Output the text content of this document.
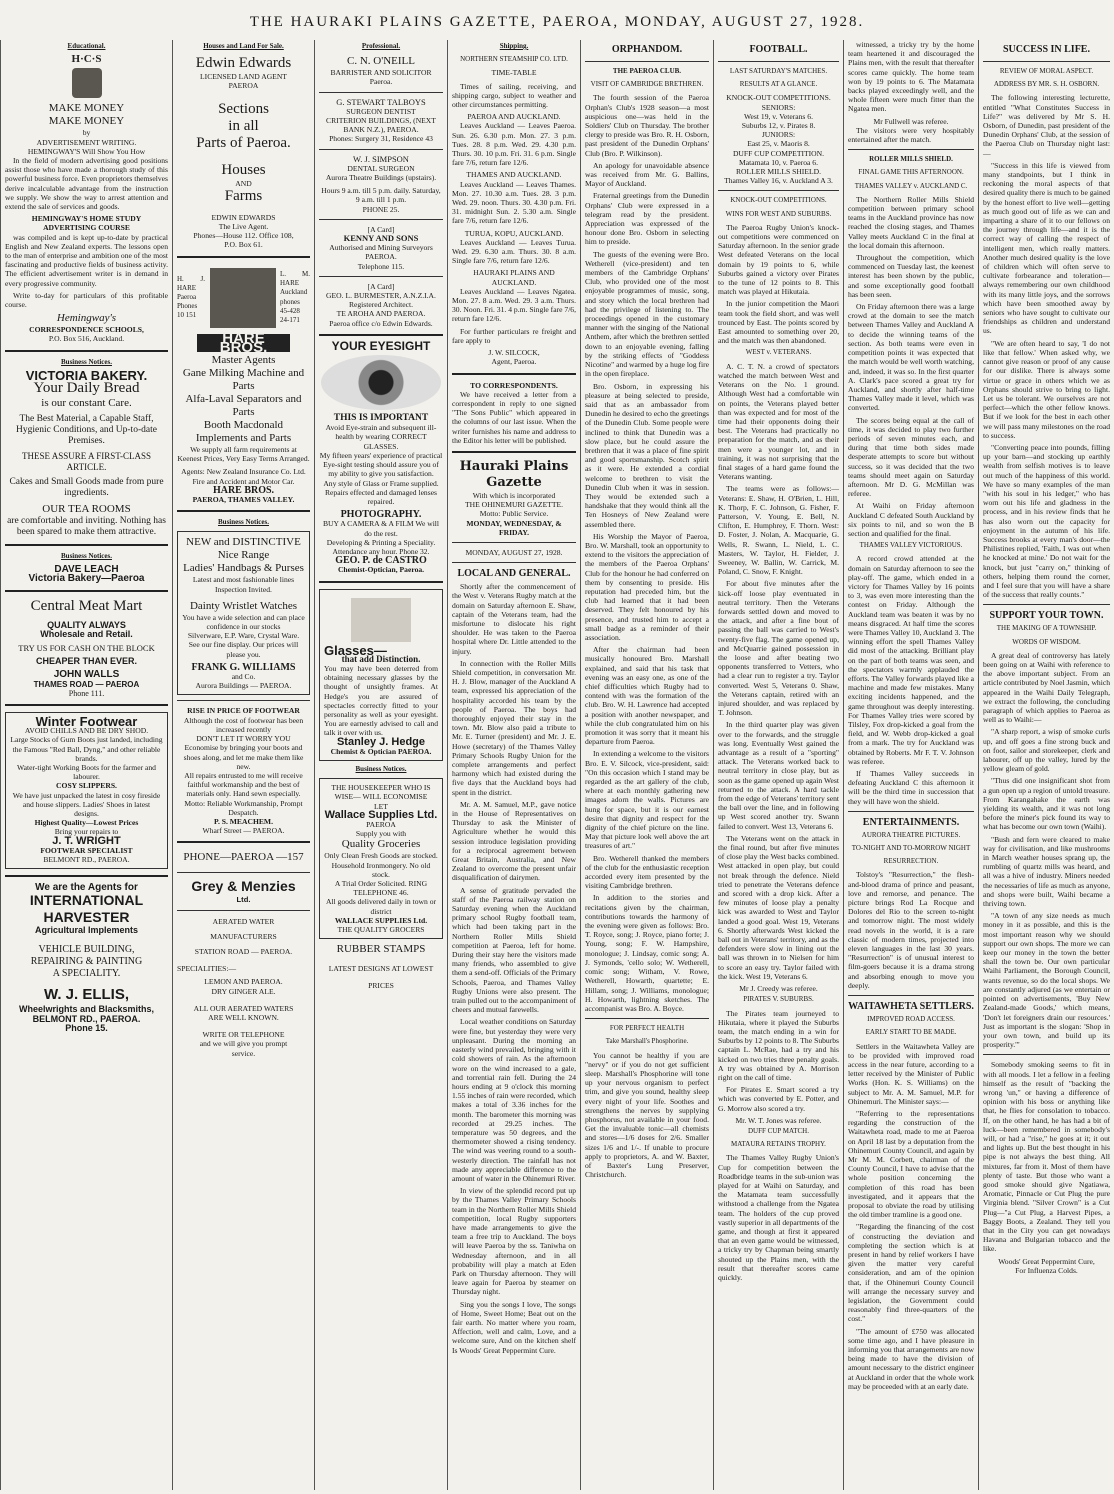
THE HAURAKI PLAINS GAZETTE, PAEROA, MONDAY, AUGUST 27, 1928.
Educational.
H·C·S
MAKE MONEY
MAKE MONEY
by
ADVERTISEMENT WRITING.
HEMINGWAY'S Will Show You How

In the field of modern advertising good positions assist those who have made a thorough study of this powerful business force. Even proprietors themselves derive incalculable advantage from the instruction we supply. We show the way to arrest attention and extend the sale of services and goods.

HEMINGWAY'S HOME STUDY ADVERTISING COURSE

was compiled and is kept up-to-date by practical English and New Zealand experts. The lessons open to the man of enterprise and ambition one of the most fascinating and productive fields of business activity. The efficient advertisement writer is in demand in every progressive community.

Write to-day for particulars of this profitable course.

Hemingway's
CORRESPONDENCE SCHOOLS,
P.O. Box 516, Auckland.
Business Notices.
VICTORIA BAKERY.
Your Daily Bread
is our constant Care.
The Best Material, a Capable Staff, Hygienic Conditions, and Up-to-date Premises.
THESE ASSURE A FIRST-CLASS ARTICLE.
Cakes and Small Goods made from pure ingredients.
OUR TEA ROOMS
are comfortable and inviting. Nothing has been spared to make them attractive.
Business Notices.
DAVE LEACH
Victoria Bakery—Paeroa
Central Meat Mart
QUALITY ALWAYS
Wholesale and Retail.
TRY US FOR CASH ON THE BLOCK
CHEAPER THAN EVER.
JOHN WALLS
THAMES ROAD — PAEROA
Phone 111.
Winter Footwear
AVOID CHILLS AND BE DRY SHOD.
Large Stocks of Gum Boots just landed, including the Famous "Red Ball, Dyng," and other reliable brands.
Water-tight Working Boots for the farmer and labourer.
COSY SLIPPERS.
We have just unpacked the latest in cosy fireside and house slippers. Ladies' Shoes in latest designs.
Highest Quality—Lowest Prices
Bring your repairs to
J. T. WRIGHT
FOOTWEAR SPECIALIST
BELMONT RD., PAEROA.
We are the Agents for
INTERNATIONAL
HARVESTER
Agricultural Implements
VEHICLE BUILDING,
REPAIRING & PAINTING
A SPECIALITY.
W. J. ELLIS,
Wheelwrights and Blacksmiths,
BELMONT RD., PAEROA.
Phone 15.
Houses and Land For Sale.
Edwin Edwards
LICENSED LAND AGENT
PAEROA
Sections
in all
Parts of Paeroa.
Houses
AND
Farms
EDWIN EDWARDS
The Live Agent.
Phones—House 112. Office 108,
P.O. Box 61.
H. J. HARE Paeroa Phones 10 151
L. M. HARE Auckland phones 45-428 24-171
HARE BROS.
Master Agents
Gane Milking Machine and Parts
Alfa-Laval Separators and Parts
Booth Macdonald Implements and Parts
We supply all farm requirements at Keenest Prices, Very Easy Terms Arranged.
Agents: New Zealand Insurance Co. Ltd. Fire and Accident and Motor Car.
HARE BROS.
PAEROA, THAMES VALLEY.
Business Notices.
NEW and DISTINCTIVE
Nice Range
Ladies' Handbags & Purses
Latest and most fashionable lines Inspection Invited.
Dainty Wristlet Watches
You have a wide selection and can place confidence in our stocks
Silverware, E.P. Ware, Crystal Ware.
See our fine display. Our prices will please you.
FRANK G. WILLIAMS
and Co.
Aurora Buildings — PAEROA.
RISE IN PRICE OF FOOTWEAR
Although the cost of footwear has been increased recently
DON'T LET IT WORRY YOU
Economise by bringing your boots and shoes along, and let me make them like new.
All repairs entrusted to me will receive faithful workmanship and the best of materials only. Hand sewn especially.
Motto: Reliable Workmanship, Prompt Despatch.
P. S. MEACHEM.
Wharf Street — PAEROA.
PHONE—PAEROA —157
Grey & Menzies
Ltd.
AERATED WATER
MANUFACTURERS
STATION ROAD — PAEROA.
SPECIALITIES:—
LEMON AND PAEROA.
DRY GINGER ALE.
ALL OUR AERATED WATERS
ARE WELL KNOWN.
WRITE OR TELEPHONE
and we will give you prompt
service.
Professional.
C. N. O'NEILL
BARRISTER AND SOLICITOR
Paeroa.
G. STEWART TALBOYS
SURGEON DENTIST
CRITERION BUILDINGS, (NEXT BANK N.Z.), PAEROA.
Phones: Surgery 31, Residence 43
W. J. SIMPSON
DENTAL SURGEON
Aurora Theatre Buildings (upstairs).
Hours 9 a.m. till 5 p.m. daily. Saturday, 9 a.m. till 1 p.m.
PHONE 25.
[A Card]
KENNY AND SONS
Authorised and Mining Surveyors PAEROA.
Telephone 115.
[A Card]
GEO. L. BURMESTER, A.N.Z.I.A.
Registered Architect.
TE AROHA AND PAEROA.
Paeroa office c/o Edwin Edwards.
YOUR EYESIGHT
THIS IS IMPORTANT
Avoid Eye-strain and subsequent ill-health by wearing CORRECT GLASSES.
My fifteen years' experience of practical Eye-sight testing should assure you of my ability to give you satisfaction.
Any style of Glass or Frame supplied.
Repairs effected and damaged lenses repaired.
PHOTOGRAPHY.
BUY A CAMERA & A FILM We will do the rest.
Developing & Printing a Speciality. Attendance any hour. Phone 32.
GEO. P. de CASTRO
Chemist-Optician, Paeroa.
Glasses—
that add Distinction.
You may have been deterred from obtaining necessary glasses by the thought of unsightly frames. At Hedge's you are assured of spectacles correctly fitted to your personality as well as your eyesight. You are earnestly advised to call and talk it over with us.
Stanley J. Hedge
Chemist & Optician PAEROA.
Business Notices.
THE HOUSEKEEPER WHO IS WISE— WILL ECONOMISE
LET
Wallace Supplies Ltd.
PAEROA
Supply you with
Quality Groceries
Only Clean Fresh Goods are stocked.
Household Ironmongery. No old stock.
A Trial Order Solicited. RING TELEPHONE 46.
All goods delivered daily in town or district
WALLACE SUPPLIES Ltd.
THE QUALITY GROCERS
RUBBER STAMPS
LATEST DESIGNS AT LOWEST
PRICES
Shipping.
NORTHERN STEAMSHIP CO. LTD.
TIME-TABLE

Times of sailing, receiving, and shipping cargo, subject to weather and other circumstances permitting.

PAEROA AND AUCKLAND.

Leaves Auckland — Leaves Paeroa. Sun. 26. 6.30 p.m. Mon. 27. 3 p.m. Tues. 28. 8 p.m. Wed. 29. 4.30 p.m. Thurs. 30. 10 p.m. Fri. 31. 6 p.m. Single fare 7/6, return fare 12/6.

THAMES AND AUCKLAND.

Leaves Auckland — Leaves Thames. Mon. 27. 10.30 a.m. Tues. 28. 3 p.m. Wed. 29. noon. Thurs. 30. 4.30 p.m. Fri. 31. midnight Sun. 2. 5.30 a.m. Single fare 7/6, return fare 12/6.

TURUA, KOPU, AUCKLAND.

Leaves Auckland — Leaves Turua. Wed. 29. 6.30 a.m. Thurs. 30. 8 a.m. Single fare 7/6, return fare 12/6.

HAURAKI PLAINS AND AUCKLAND.

Leaves Auckland — Leaves Ngatea. Mon. 27. 8 a.m. Wed. 29. 3 a.m. Thurs. 30. Noon. Fri. 31. 4 p.m. Single fare 7/6, return fare 12/6.

For further particulars re freight and fare apply to

J. W. SILCOCK,
Agent, Paeroa.
TO CORRESPONDENTS.

We have received a letter from a correspondent in reply to one signed "The Sons Public" which appeared in the columns of our last issue. When the writer furnishes his name and address to the Editor his letter will be published.

Hauraki Plains Gazette
With which is incorporated
THE OHINEMURI GAZETTE.
Motto: Public Service.
MONDAY, WEDNESDAY, & FRIDAY.
MONDAY, AUGUST 27, 1928.
LOCAL AND GENERAL.

Shortly after the commencement of the West v. Veterans Rugby match at the domain on Saturday afternoon E. Shaw, captain of the Veterans team, had the misfortune to dislocate his right shoulder. He was taken to the Paeroa hospital where Dr. Little attended to the injury.

In connection with the Roller Mills Shield competition, in conversation Mr. H. J. Blow, manager of the Auckland A team, expressed his appreciation of the hospitality accorded his team by the people of Paeroa. The boys had thoroughly enjoyed their stay in the town. Mr. Blow also paid a tribute to Mr. E. Turner (president) and Mr. J. E. Howe (secretary) of the Thames Valley Primary Schools Rugby Union for the complete arrangements and perfect harmony which had existed during the five days that the Auckland boys had spent in the district.

Mr. A. M. Samuel, M.P., gave notice in the House of Representatives on Thursday to ask the Minister of Agriculture whether he would this session introduce legislation providing for a reciprocal agreement between Great Britain, Australia, and New Zealand to overcome the present unfair disqualification of dairymen.

A sense of gratitude pervaded the staff of the Paeroa railway station on Saturday evening when the Auckland primary school Rugby football team, which had been taking part in the Northern Roller Mills Shield competition at Paeroa, left for home. During their stay here the visitors made many friends, who assembled to give them a send-off. Officials of the Primary Schools, Paeroa, and Thames Valley Rugby Unions were also present. The train pulled out to the accompaniment of cheers and mutual farewells.

Local weather conditions on Saturday were fine, but yesterday they were very unpleasant. During the morning an easterly wind prevailed, bringing with it cold showers of rain. As the afternoon wore on the wind increased to a gale, and torrential rain fell. During the 24 hours ending at 9 o'clock this morning 1.55 inches of rain were recorded, which makes a total of 3.36 inches for the month. The barometer this morning was recorded at 29.25 inches. The temperature was 50 degrees, and the thermometer showed a rising tendency. The wind was veering round to a south-westerly direction. The rainfall has not made any appreciable difference to the amount of water in the Ohinemuri River.

In view of the splendid record put up by the Thames Valley Primary Schools team in the Northern Roller Mills Shield competition, local Rugby supporters have made arrangements to give the team a free trip to Auckland. The boys will leave Paeroa by the ss. Taniwha on Wednesday afternoon, and in all probability will play a match at Eden Park on Thursday afternoon. They will leave again for Paeroa by steamer on Thursday night.

Sing you the songs I love, The songs of Home, Sweet Home; Beat out on the fair earth. No matter where you roam, Affection, well and calm, Love, and a welcome sure, And on the kitchen shelf Is Woods' Great Peppermint Cure.

ORPHANDOM.
THE PAEROA CLUB.
VISIT OF CAMBRIDGE BRETHREN.

The fourth session of the Paeroa Orphan's Club's 1928 season—a most auspicious one—was held in the Soldiers' Club on Thursday. The brother clergy to preside was Bro. R. H. Osborn, past president of the Dunedin Orphans' Club (Bro. P. Wilkinson).

An apology for unavoidable absence was received from Mr. G. Ballins, Mayor of Auckland.

Fraternal greetings from the Dunedin Orphans' Club were expressed in a telegram read by the president. Appreciation was expressed of the honour done Bro. Osborn in selecting him to preside.

The guests of the evening were Bro. Wetherell (vice-president) and ten members of the Cambridge Orphans' Club, who provided one of the most enjoyable programmes of music, song, and story which the local brethren had had the privilege of listening to. The proceedings opened in the customary manner with the singing of the National Anthem, after which the brethren settled down to an enjoyable evening, falling by the striking effects of "Goddess Nicotine" and warmed by a huge log fire in the open fireplace.

Bro. Osborn, in expressing his pleasure at being selected to preside, said that as an ambassador from Dunedin he desired to echo the greetings of the Dunedin Club. Some people were inclined to think that Dunedin was a slow place, but he could assure the brethren that it was a place of fine spirit and good sportsmanship. Scotch spirit as it were. He extended a cordial welcome to brethren to visit the Dunedin Club when it was in session. They would be extended such a handshake that they would think all the Ten Hosneys of New Zealand were assembled there.

His Worship the Mayor of Paeroa, Bro. W. Marshall, took an opportunity to extend to the visitors the appreciation of the members of the Paeroa Orphans' Club for the honour he had conferred on them by consenting to preside. His reputation had preceded him, but the club had learned that it had been deserved. They felt honoured by his presence, and trusted him to accept a small badge as a reminder of their association.

After the chairman had been musically honoured Bro. Marshall explained, and said that his task that evening was an easy one, as one of the chief difficulties which Rugby had to contend with was the formation of the club. Bro. W. H. Lawrence had accepted a position with another newspaper, and while the club congratulated him on his promotion it was sorry that it meant his departure from Paeroa.

In extending a welcome to the visitors Bro. E. V. Silcock, vice-president, said: "On this occasion which I stand may be regarded as the art gallery of the club, where at each monthly gathering new images adorn the walls. Pictures are hung for space, but it is our earnest desire that dignity and respect for the dignity of the chief picture on the line. May that picture look well above the art treasures of art."

Bro. Wetherell thanked the members of the club for the enthusiastic reception accorded every item presented by the visiting Cambridge brethren.

In addition to the stories and recitations given by the chairman, contributions towards the harmony of the evening were given as follows: Bro. T. Royce, song; J. Royce, piano forte; J. Young, song; F. W. Hampshire, monologue; J. Lindsay, comic song; A. J. Symonds, 'cello solo; W. Wetherell, comic song; Witham, V. Rowe, Wetherell, Howarth, quartette; E. Hillam, song; J. Williams, monologue; H. Howarth, lightning sketches. The accompanist was Bro. A. Boyce.

FOR PERFECT HEALTH
Take Marshall's Phosphorine.

You cannot be healthy if you are "nervy" or if you do not get sufficient sleep. Marshall's Phosphorine will tone up your nervous organism to perfect trim, and give you sound, healthy sleep every night of your life. Soothes and strengthens the nerves by supplying phosphorus, not available in your food. Get the invaluable tonic—all chemists and stores—1/6 doses for 2/6. Smaller sizes 1/6 and 1/-. If unable to procure apply to proprietors, A. and W. Baxter, of Baxter's Lung Preserver, Christchurch.

FOOTBALL.
LAST SATURDAY'S MATCHES.
RESULTS AT A GLANCE.
KNOCK-OUT COMPETITIONS.
SENIORS:
West 19, v. Veterans 6.
Suburbs 12, v. Pirates 8.
JUNIORS:
East 25, v. Maoris 8.
DUFF CUP COMPETITION.
Matamata 10, v. Paeroa 6.
ROLLER MILLS SHIELD.
Thames Valley 16, v. Auckland A 3.
KNOCK-OUT COMPETITIONS.
WINS FOR WEST AND SUBURBS.

The Paeroa Rugby Union's knock-out competitions were commenced on Saturday afternoon. In the senior grade West defeated Veterans on the local domain by 19 points to 6, while Suburbs gained a victory over Pirates to the tune of 12 points to 8. This match was played at Hikutaia.

In the junior competition the Maori team took the field short, and was well trounced by East. The points scored by East amounted to something over 20, and the match was then abandoned.

WEST v. VETERANS.

A. C. T. N. a crowd of spectators watched the match between West and Veterans on the No. 1 ground. Although West had a comfortable win on points, the Veterans played better than was expected and for most of the time had their opponents doing their best. The Veterans had practically no preparation for the match, and as their men were a younger lot, and in training, it was not surprising that the final stages of a hard game found the Veterans wanting.

The teams were as follows:— Veterans: E. Shaw, H. O'Brien, L. Hill, K. Thorp, F. C. Johnson, G. Fisher, F. Patterson, V. Young, E. Bell, N. Clifton, E. Humphrey, F. Thorn. West: D. Foster, J. Nolan, A. Macquarie, G. Wells, R. Swann, L. Nield, L. C. Masters, W. Taylor, H. Fielder, J. Sweeney, W. Ballin, W. Carrick, M. Poland, C. Snow, F. Knight.

For about five minutes after the kick-off loose play eventuated in neutral territory. Then the Veterans forwards settled down and moved to the attack, and after a fine bout of passing the ball was carried to West's twenty-five flag. The game opened up, and McQuarrie gained possession in the loose and after beating two opponents transferred to Vetters, who had a clear run to register a try. Taylor converted. West 5, Veterans 0. Shaw, the Veterans captain, retired with an injured shoulder, and was replaced by T. Johnson.

In the third quarter play was given over to the forwards, and the struggle was long. Eventually West gained the advantage as a result of a "sporting" attack. The Veterans worked back to neutral territory in close play, but as soon as the game opened up again West returned to the attack. A hard tackle from the edge of Veterans' territory sent the ball over the line, and in following up West scored another try. Swann failed to convert. West 13, Veterans 6.

The Veterans went on the attack in the final round, but after five minutes of close play the West backs combined. West attacked in open play, but could not break through the defence. Nield tried to penetrate the Veterans defence and scored with a drop kick. After a few minutes of loose play a penalty kick was awarded to West and Taylor landed a good goal. West 19, Veterans 6. Shortly afterwards West kicked the ball out in Veterans' territory, and as the defenders were slow in lining out the ball was thrown in to Nielsen for him to score an easy try. Taylor failed with the kick. West 19, Veterans 6.

Mr J. Creedy was referee.
PIRATES V. SUBURBS.

The Pirates team journeyed to Hikutaia, where it played the Suburbs team, the match ending in a win for Suburbs by 12 points to 8. The Suburbs captain L. McRae, had a try and his kicked on two tries three penalty goals. A try was obtained by A. Morrison right on the call of time.

For Pirates E. Smart scored a try which was converted by E. Potter, and G. Morrow also scored a try.

Mr. W. T. Jones was referee.
DUFF CUP MATCH.
MATAURA RETAINS TROPHY.

The Thames Valley Rugby Union's Cup for competition between the Roadbridge teams in the sub-union was played for at Waihi on Saturday, and the Matamata team successfully withstood a challenge from the Ngatea team. The holders of the cup proved vastly superior in all departments of the game, and though at first it appeared that an even game would be witnessed, a tricky try by Chapman being smartly shouted up the Plains men, with the result that thereafter scores came quickly.

witnessed, a tricky try by the home team heartened it and discouraged the Plains men, with the result that thereafter scores came quickly. The home team won by 19 points to 6. The Matamata backs played exceedingly well, and the whole fifteen were much fitter than the Ngatea men.

Mr Fullwell was referee.

The visitors were very hospitably entertained after the match.

ROLLER MILLS SHIELD.
FINAL GAME THIS AFTERNOON.
THAMES VALLEY v. AUCKLAND C.

The Northern Roller Mills Shield competition between primary school teams in the Auckland province has now reached the closing stages, and Thames Valley meets Auckland C in the final at the local domain this afternoon.

Throughout the competition, which commenced on Tuesday last, the keenest interest has been shown by the public, and some exceptionally good football has been seen.

On Friday afternoon there was a large crowd at the domain to see the match between Thames Valley and Auckland A to decide the winning teams of the section. As both teams were even in competition points it was expected that the match would be well worth watching, and, indeed, it was so. In the first quarter A. Clark's pace scored a great try for Auckland, and shortly after half-time Thames Valley made it level, which was converted.

The scores being equal at the call of time, it was decided to play two further periods of seven minutes each, and during that time both sides made desperate attempts to score but without success, so it was decided that the two teams should meet again on Saturday afternoon. Mr D. G. McMillan was referee.

At Waihi on Friday afternoon Auckland C defeated South Auckland by six points to nil, and so won the B section and qualified for the final.

THAMES VALLEY VICTORIOUS.

A record crowd attended at the domain on Saturday afternoon to see the play-off. The game, which ended in a victory for Thames Valley by 16 points to 3, was even more interesting than the contest on Friday. Although the Auckland team was beaten it was by no means disgraced. At half time the scores were Thames Valley 10, Auckland 3. The winning effort the spell Thames Valley did most of the attacking. Brilliant play on the part of both teams was seen, and the spectators warmly applauded the efforts. The Valley forwards played like a machine and made few mistakes. Many exciting incidents happened, and the game throughout was deeply interesting. For Thames Valley tries were scored by Tilsley, Fox drop-kicked a goal from the field, and W. Webb drop-kicked a goal from a mark. The try for Auckland was obtained by Roberts. Mr F. T. V. Johnson was referee.

If Thames Valley succeeds in defeating Auckland C this afternoon it will be the third time in succession that they will have won the shield.

ENTERTAINMENTS.
AURORA THEATRE PICTURES.
TO-NIGHT AND TO-MORROW NIGHT
RESURRECTION.

Tolstoy's "Resurrection," the flesh-and-blood drama of prince and peasant, love and remorse, and penance. The picture brings Rod La Rocque and Dolores del Rio to the screen to-night and tomorrow night. The most widely read novels in the world, it is a rare classic of modern times, projected into eleven languages in the last 30 years. "Resurrection" is of unusual interest to film-goers because it is a drama strong and absorbing enough to move you deeply.

WAITAWHETA SETTLERS.
IMPROVED ROAD ACCESS.
EARLY START TO BE MADE.

Settlers in the Waitawheta Valley are to be provided with improved road access in the near future, according to a letter received by the Minister of Public Works (Hon. K. S. Williams) on the subject to Mr. A. M. Samuel, M.P. for Ohinemuri. The Minister says:—

"Referring to the representations regarding the construction of the Waitawheta road, made to me at Paeroa on April 18 last by a deputation from the Ohinemuri County Council, and again by Mr M. M. Corbett, chairman of the County Council, I have to advise that the whole position concerning the completion of this road has been investigated, and it appears that the proposal to obviate the road by utilising the old timber tramline is a good one.

"Regarding the financing of the cost of constructing the deviation and completing the section which is at present in hand by relief workers I have given the matter very careful consideration, and am of the opinion that, if the Ohinemuri County Council will arrange the necessary survey and legislation, the Government could reasonably find three-quarters of the cost."

"The amount of £750 was allocated some time ago, and I have pleasure in informing you that arrangements are now being made to have the division of amount necessary to the district engineer at Auckland in order that the whole work may be proceeded with at an early date.

SUCCESS IN LIFE.
REVIEW OF MORAL ASPECT.
ADDRESS BY MR. S. H. OSBORN.

The following interesting lecturette, entitled "What Constitutes Success in Life?" was delivered by Mr S. H. Osborn, of Dunedin, past president of the Dunedin Orphans' Club, at the session of the Paeroa Club on Thursday night last:—

"Success in this life is viewed from many standpoints, but I think in reckoning the moral aspects of that desired quality there is much to be gained by the honest effort to live well—getting as much good out of life as we can and imparting a share of it to our fellows on the journey through life—and it is the correct way of calling the respect of intelligent men, which really matters. Another much desired quality is the love of children which will often serve to cultivate forbearance and toleration—always remembering our own childhood with its many little joys, and the sorrows which have been smoothed away by seniors who have sought to cultivate our friendships as children and understand us.

"We are often heard to say, 'I do not like that fellow.' When asked why, we cannot give reason or proof of any cause for our dislike. There is always some virtue or grace in others which we as Orphans should strive to bring to light. Let us be tolerant. We ourselves are not perfect—which the other fellow knows. But if we look for the best in each other we will pass many milestones on the road to success.

"Converting peace into pounds, filling up your barn—and stocking up earthly wealth from selfish motives is to leave out much of the happiness of this world. We have so many examples of the man "with his soul in his ledger," who has worn out his life and gladness in the process, and in his review finds that he has also worn out the capacity for enjoyment in the autumn of his life. Success brooks at every man's door—the Philistines replied, 'Faith, I was out when he knocked at mine.' Do not wait for the knock, but just "carry on," thinking of others, helping them round the corner, and I feel sure that you will have a share of the success that really counts."

SUPPORT YOUR TOWN.
THE MAKING OF A TOWNSHIP.
WORDS OF WISDOM.

A great deal of controversy has lately been going on at Waihi with reference to the above important subject. From an article contributed by Noel Jasmin, which appeared in the Waihi Daily Telegraph, we extract the following, the concluding paragraph of which applies to Paeroa as well as to Waihi:—

"A sharp report, a wisp of smoke curls up, and off goes a fine strong buck and on foot, sailor and storekeeper, clerk and labourer, off up the valley, lured by the yellow gleam of gold.

"Thus did one insignificant shot from a gun open up a region of untold treasure. From Karangahake the earth was yielding its wealth, and it was not long before the miner's pick found its way to what has become our own town (Waihi).

"Bush and fern were cleared to make way for civilisation, and like mushrooms in March weather houses sprang up, the rumbling of quartz mills was heard, and all was a hive of industry. Miners needed the necessaries of life as much as anyone, and shops were built, Waihi became a thriving town.

"A town of any size needs as much money in it as possible, and this is the most important reason why we should support our own shops. The more we can keep our money in the town the better shall the town be. Our own particular Waihi Parliament, the Borough Council, wants revenue, so do the local shops. We are constantly adjured (as we entertain or pointed on advertisements, 'Buy New Zealand-made Goods,' which means, 'Don't let foreigners drain our resources.' Just as important is the slogan: 'Shop in your own town, and build up its prosperity.'"

Somebody smoking seems to fit in with all moods. I let a fellow in a feeling himself as the result of "backing the wrong 'un," or having a difference of opinion with his boss or anything like that, he flies for consolation to tobacco. If, on the other hand, he has had a bit of luck—been remembered in somebody's will, or had a "rise," he goes at it; it out and lights up. But the best thought in his pipe is not always the best thing. All mixtures, far from it. Most of them have plenty of taste. But those who want a good smoke should give Ngatiawa, Aromatic, Pinnacle or Cut Plug the pure Virginia blend. "Silver Crown" is a Cut Plug—"a Cut Plug, a Harvest Pipes, a Baggy Boots, a Zealand. They tell you that in the City you can get nowadays Havana and Bulgarian tobacco and the like.

Woods' Great Peppermint Cure,
For Influenza Colds.
